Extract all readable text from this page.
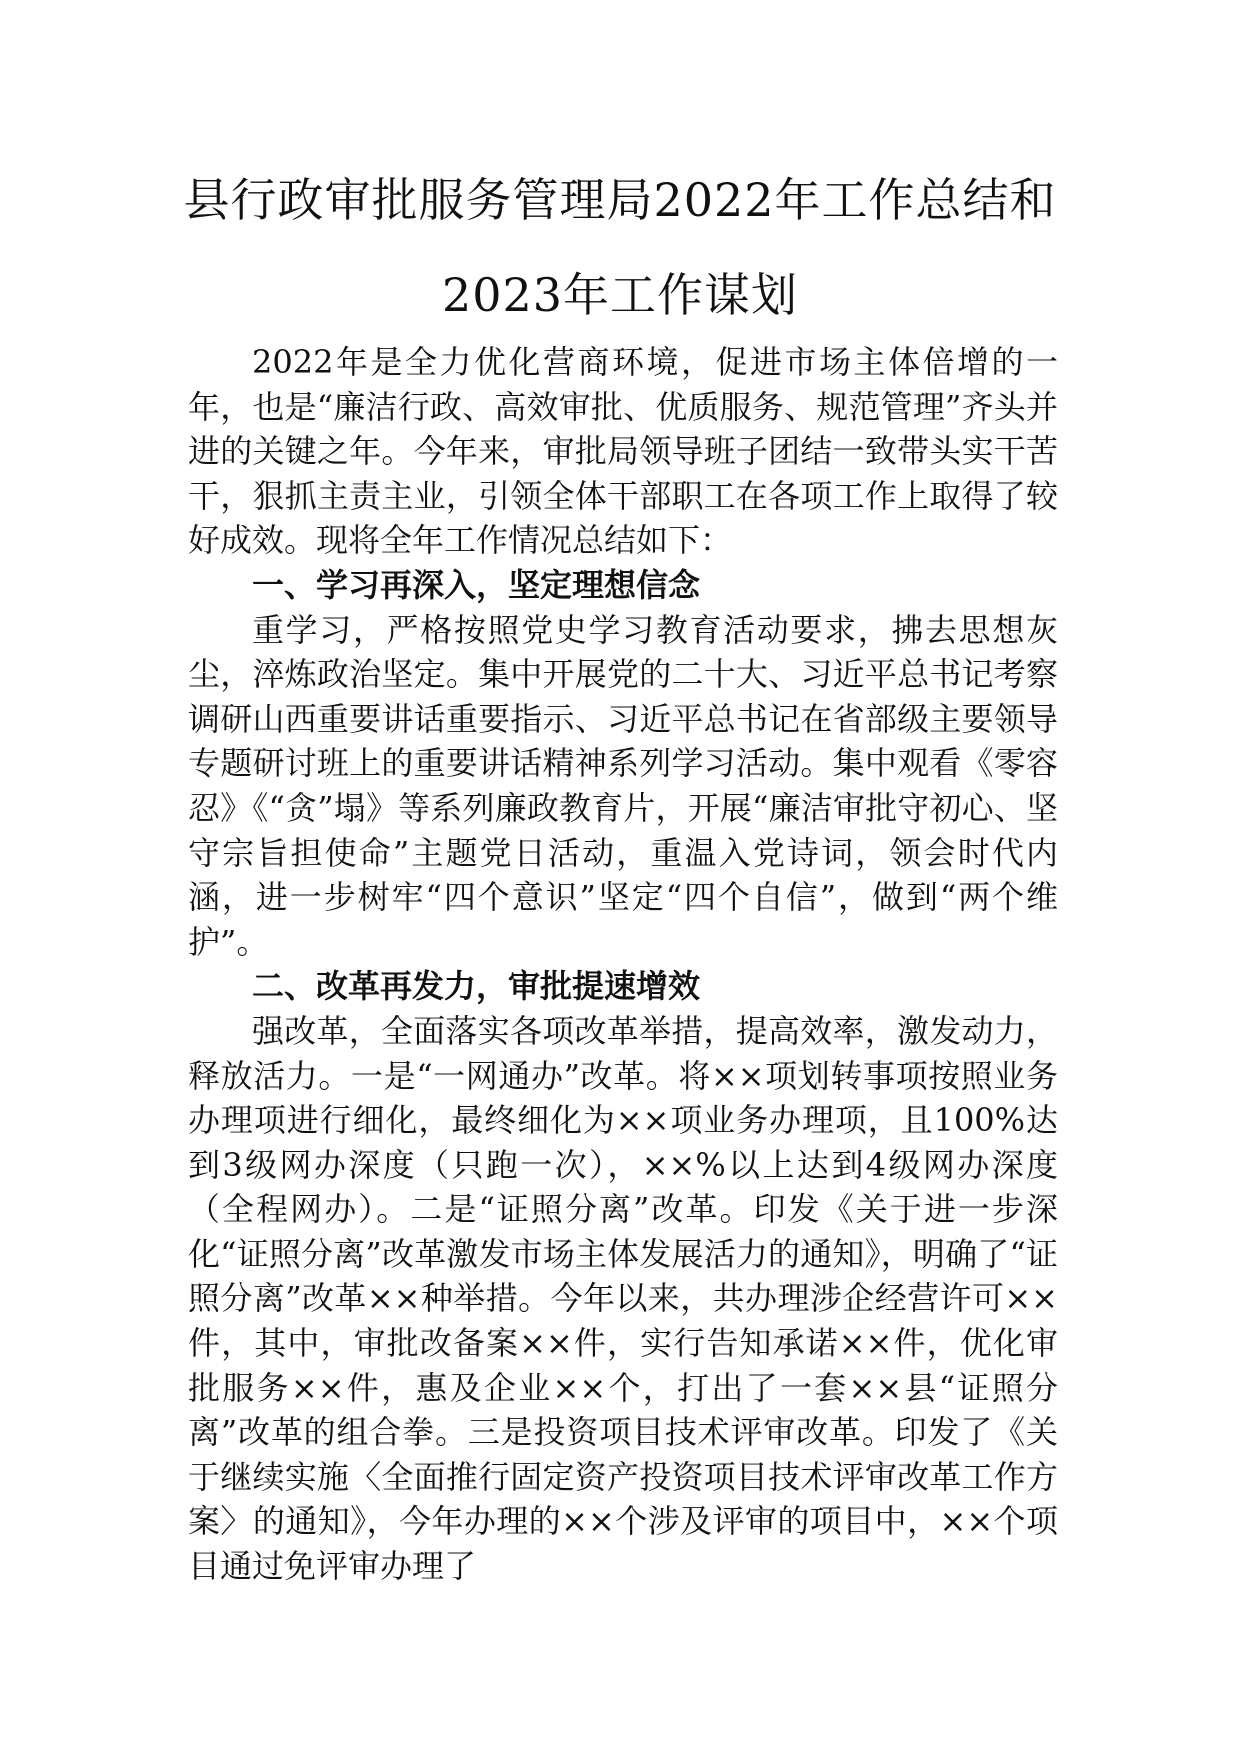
县行政审批服务管理局2022年工作总结和
2023年工作谋划

2022年是全力优化营商环境，促进市场主体倍增的一年，也是“廉洁行政、高效审批、优质服务、规范管理”齐头并进的关键之年。今年来，审批局领导班子团结一致带头实干苦干，狠抓主责主业，引领全体干部职工在各项工作上取得了较好成效。现将全年工作情况总结如下：

一、学习再深入，坚定理想信念

重学习，严格按照党史学习教育活动要求，拂去思想灰尘，淬炼政治坚定。集中开展党的二十大、习近平总书记考察调研山西重要讲话重要指示、习近平总书记在省部级主要领导专题研讨班上的重要讲话精神系列学习活动。集中观看《零容忍》《“贪”塌》等系列廉政教育片，开展“廉洁审批守初心、坚守宗旨担使命”主题党日活动，重温入党诗词，领会时代内涵，进一步树牢“四个意识”坚定“四个自信”，做到“两个维护”。

二、改革再发力，审批提速增效

强改革，全面落实各项改革举措，提高效率，激发动力，释放活力。一是“一网通办”改革。将××项划转事项按照业务办理项进行细化，最终细化为××项业务办理项，且100%达到3级网办深度（只跑一次），××%以上达到4级网办深度（全程网办）。二是“证照分离”改革。印发《关于进一步深化“证照分离”改革激发市场主体发展活力的通知》，明确了“证照分离”改革××种举措。今年以来，共办理涉企经营许可××件，其中，审批改备案××件，实行告知承诺××件，优化审批服务××件，惠及企业××个，打出了一套××县“证照分离”改革的组合拳。三是投资项目技术评审改革。印发了《关于继续实施〈全面推行固定资产投资项目技术评审改革工作方案〉的通知》，今年办理的××个涉及评审的项目中，××个项目通过免评审办理了
